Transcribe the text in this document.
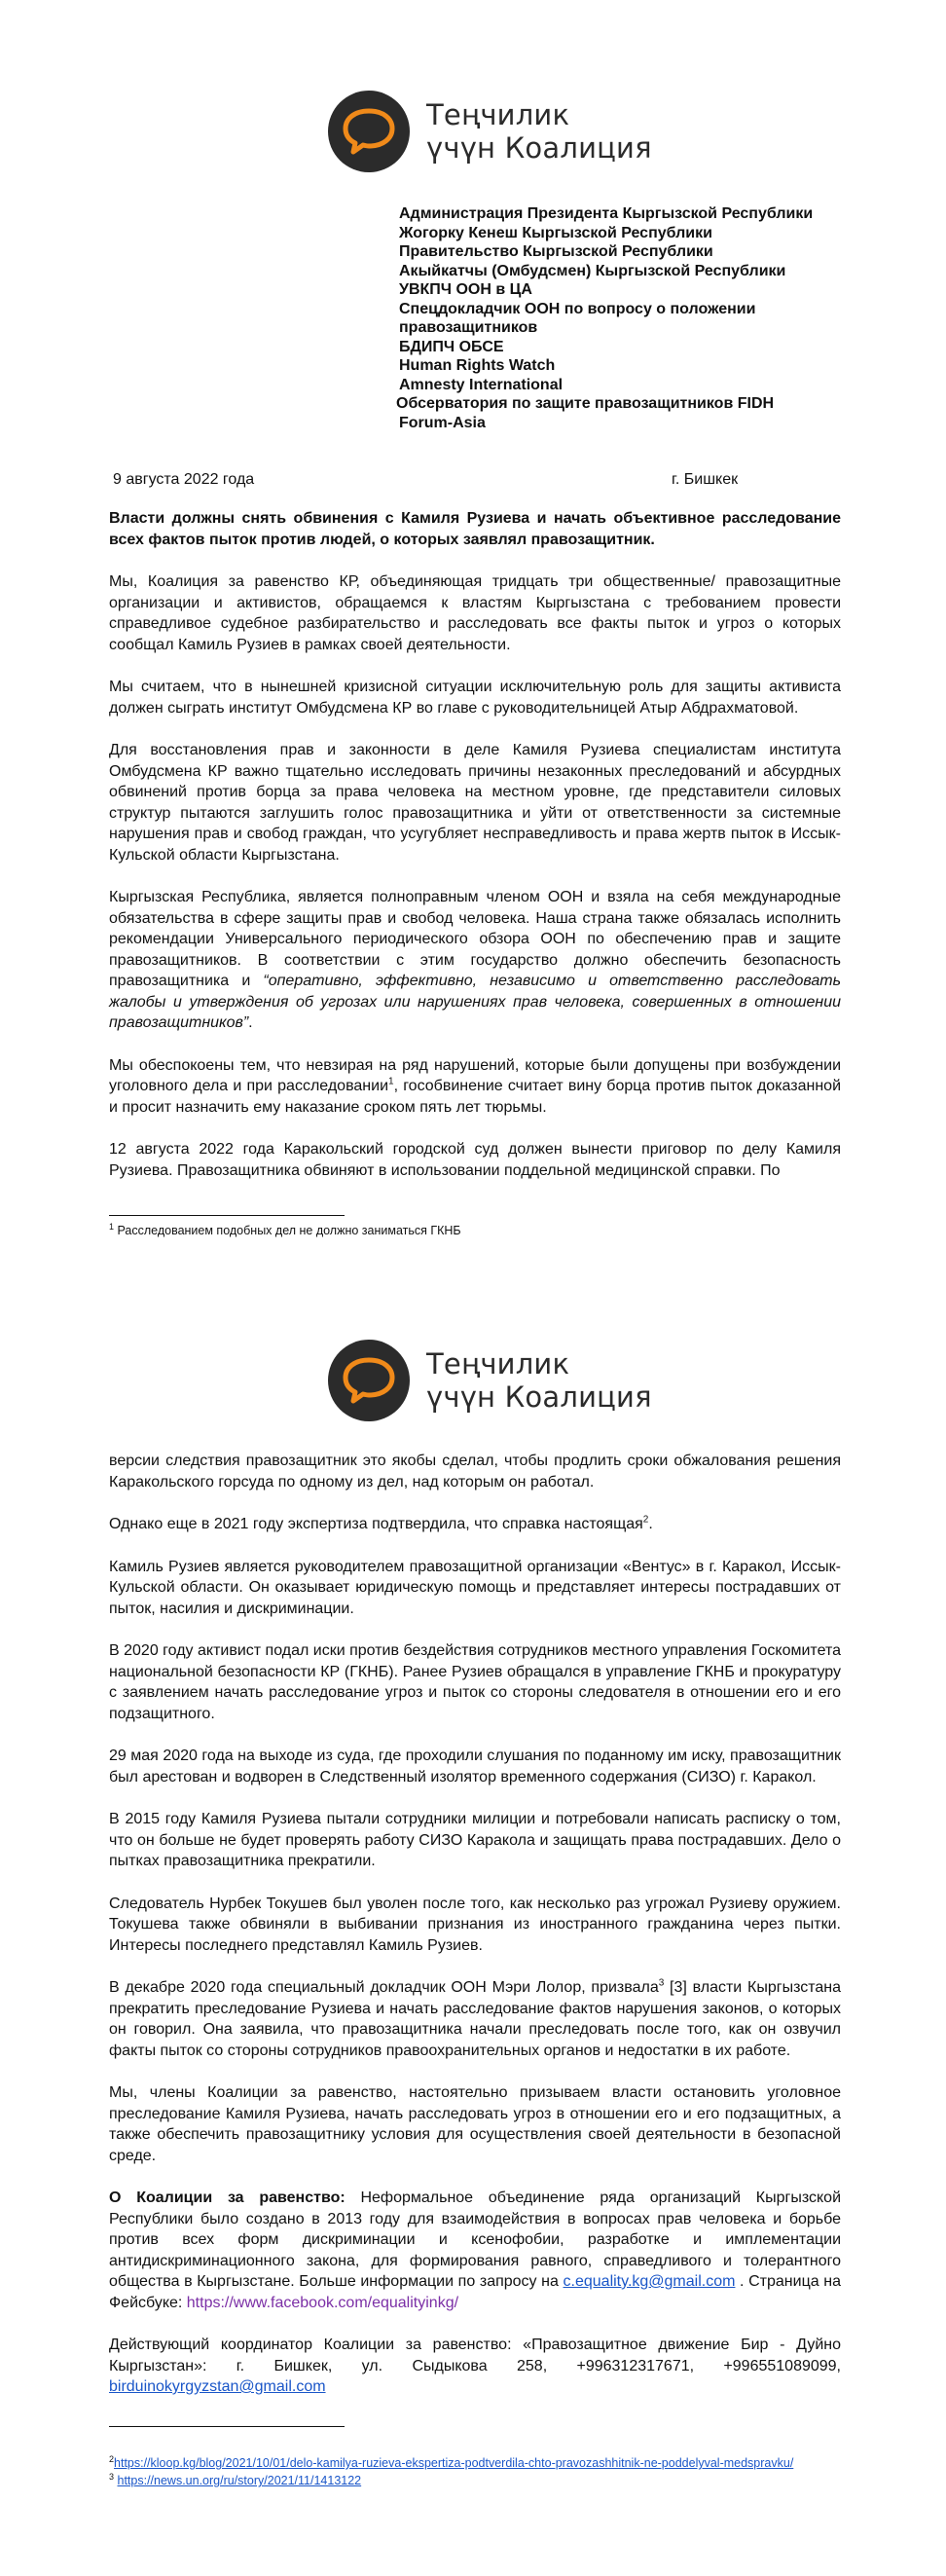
Теңчилик
үчүн Коалиция
Администрация Президента Кыргызской Республики
Жогорку Кенеш Кыргызской Республики
Правительство Кыргызской Республики
Акыйкатчы (Омбудсмен) Кыргызской Республики
УВКПЧ ООН в ЦА
Спецдокладчик ООН по вопросу о положении
правозащитников
БДИПЧ ОБСЕ
Human Rights Watch
Amnesty International
Обсерватория по защите правозащитников FIDH
Forum-Asia
9 августа 2022 года	г. Бишкек

Власти должны снять обвинения с Камиля Рузиева и начать объективное расследование всех фактов пыток против людей, о которых заявлял правозащитник.

Мы, Коалиция за равенство КР, объединяющая тридцать три общественные/ правозащитные организации и активистов, обращаемся к властям Кыргызстана с требованием провести справедливое судебное разбирательство и расследовать все факты пыток и угроз о которых сообщал Камиль Рузиев в рамках своей деятельности.

Мы считаем, что в нынешней кризисной ситуации исключительную роль для защиты активиста должен сыграть институт Омбудсмена КР во главе с руководительницей Атыр Абдрахматовой.

Для восстановления прав и законности в деле Камиля Рузиева специалистам института Омбудсмена КР важно тщательно исследовать причины незаконных преследований и абсурдных обвинений против борца за права человека на местном уровне, где представители силовых структур пытаются заглушить голос правозащитника и уйти от ответственности за системные нарушения прав и свобод граждан, что усугубляет несправедливость и права жертв пыток в Иссык- Кульской области Кыргызстана.

Кыргызская Республика, является полноправным членом ООН и взяла на себя международные обязательства в сфере защиты прав и свобод человека. Наша страна также обязалась исполнить рекомендации Универсального периодического обзора ООН по обеспечению прав и защите правозащитников. В соответствии с этим государство должно обеспечить безопасность правозащитника и “оперативно, эффективно, независимо и ответственно расследовать жалобы и утверждения об угрозах или нарушениях прав человека, совершенных в отношении правозащитников”.

Мы обеспокоены тем, что невзирая на ряд нарушений, которые были допущены при возбуждении уголовного дела и при расследовании$^1$, гособвинение считает вину борца против пыток доказанной и просит назначить ему наказание сроком пять лет тюрьмы.

12 августа 2022 года Каракольский городской суд должен вынести приговор по делу Камиля Рузиева. Правозащитника обвиняют в использовании поддельной медицинской справки. По

$^1$ Расследованием подобных дел не должно заниматься ГКНБ
Теңчилик
үчүн Коалиция

версии следствия правозащитник это якобы сделал, чтобы продлить сроки обжалования решения Каракольского горсуда по одному из дел, над которым он работал.

Однако еще в 2021 году экспертиза подтвердила, что справка настоящая$^2$.

Камиль Рузиев является руководителем правозащитной организации «Вентус» в г. Каракол, Иссык-Кульской области. Он оказывает юридическую помощь и представляет интересы пострадавших от пыток, насилия и дискриминации.

В 2020 году активист подал иски против бездействия сотрудников местного управления Госкомитета национальной безопасности КР (ГКНБ). Ранее Рузиев обращался в управление ГКНБ и прокуратуру с заявлением начать расследование угроз и пыток со стороны следователя в отношении его и его подзащитного.

29 мая 2020 года на выходе из суда, где проходили слушания по поданному им иску, правозащитник был арестован и водворен в Следственный изолятор временного содержания (СИЗО) г. Каракол.

В 2015 году Камиля Рузиева пытали сотрудники милиции и потребовали написать расписку о том, что он больше не будет проверять работу СИЗО Каракола и защищать права пострадавших. Дело о пытках правозащитника прекратили.

Следователь Нурбек Токушев был уволен после того, как несколько раз угрожал Рузиеву оружием. Токушева также обвиняли в выбивании признания из иностранного гражданина через пытки. Интересы последнего представлял Камиль Рузиев.

В декабре 2020 года специальный докладчик ООН Мэри Лолор, призвала$^3$ [3] власти Кыргызстана прекратить преследование Рузиева и начать расследование фактов нарушения законов, о которых он говорил. Она заявила, что правозащитника начали преследовать после того, как он озвучил факты пыток со стороны сотрудников правоохранительных органов и недостатки в их работе.

Мы, члены Коалиции за равенство, настоятельно призываем власти остановить уголовное преследование Камиля Рузиева, начать расследовать угроз в отношении его и его подзащитных, а также обеспечить правозащитнику условия для осуществления своей деятельности в безопасной среде.

О Коалиции за равенство: Неформальное объединение ряда организаций Кыргызской Республики было создано в 2013 году для взаимодействия в вопросах прав человека и борьбе против всех форм дискриминации и ксенофобии, разработке и имплементации антидискриминационного закона, для формирования равного, справедливого и толерантного общества в Кыргызстане. Больше информации по запросу на c.equality.kg@gmail.com . Страница на Фейсбуке: https://www.facebook.com/equalityinkg/

Действующий координатор Коалиции за равенство: «Правозащитное движение Бир - Дуйно Кыргызстан»: г. Бишкек, ул. Сыдыкова 258, +996312317671, +996551089099, birduinokyrgyzstan@gmail.com

$^2$https://kloop.kg/blog/2021/10/01/delo-kamilya-ruzieva-ekspertiza-podtverdila-chto-pravozashhitnik-ne-poddelyval-medspravku/
$^3$ https://news.un.org/ru/story/2021/11/1413122
